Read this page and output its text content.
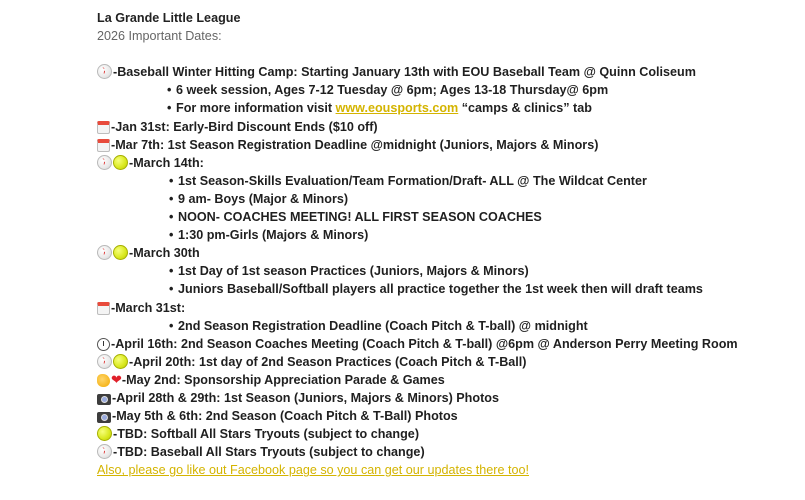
La Grande Little League
2026 Important Dates:
-Baseball Winter Hitting Camp: Starting January 13th with EOU Baseball Team @ Quinn Coliseum
• 6 week session, Ages 7-12 Tuesday @ 6pm; Ages 13-18 Thursday@ 6pm
• For more information visit www.eousports.com “camps & clinics” tab
-Jan 31st: Early-Bird Discount Ends ($10 off)
-Mar 7th: 1st Season Registration Deadline @midnight (Juniors, Majors & Minors)
-March 14th:
• 1st Season-Skills Evaluation/Team Formation/Draft- ALL @ The Wildcat Center
• 9 am- Boys (Major & Minors)
• NOON- COACHES MEETING! ALL FIRST SEASON COACHES
• 1:30 pm-Girls (Majors & Minors)
-March 30th
• 1st Day of 1st season Practices (Juniors, Majors & Minors)
• Juniors Baseball/Softball players all practice together the 1st week then will draft teams
-March 31st:
• 2nd Season Registration Deadline (Coach Pitch & T-ball) @ midnight
-April 16th: 2nd Season Coaches Meeting (Coach Pitch & T-ball) @6pm @ Anderson Perry Meeting Room
-April 20th: 1st day of 2nd Season Practices (Coach Pitch & T-Ball)
❤-May 2nd: Sponsorship Appreciation Parade & Games
-April 28th & 29th: 1st Season (Juniors, Majors & Minors) Photos
-May 5th & 6th: 2nd Season (Coach Pitch & T-Ball) Photos
-TBD: Softball All Stars Tryouts (subject to change)
-TBD: Baseball All Stars Tryouts (subject to change)
Also, please go like out Facebook page so you can get our updates there too!
